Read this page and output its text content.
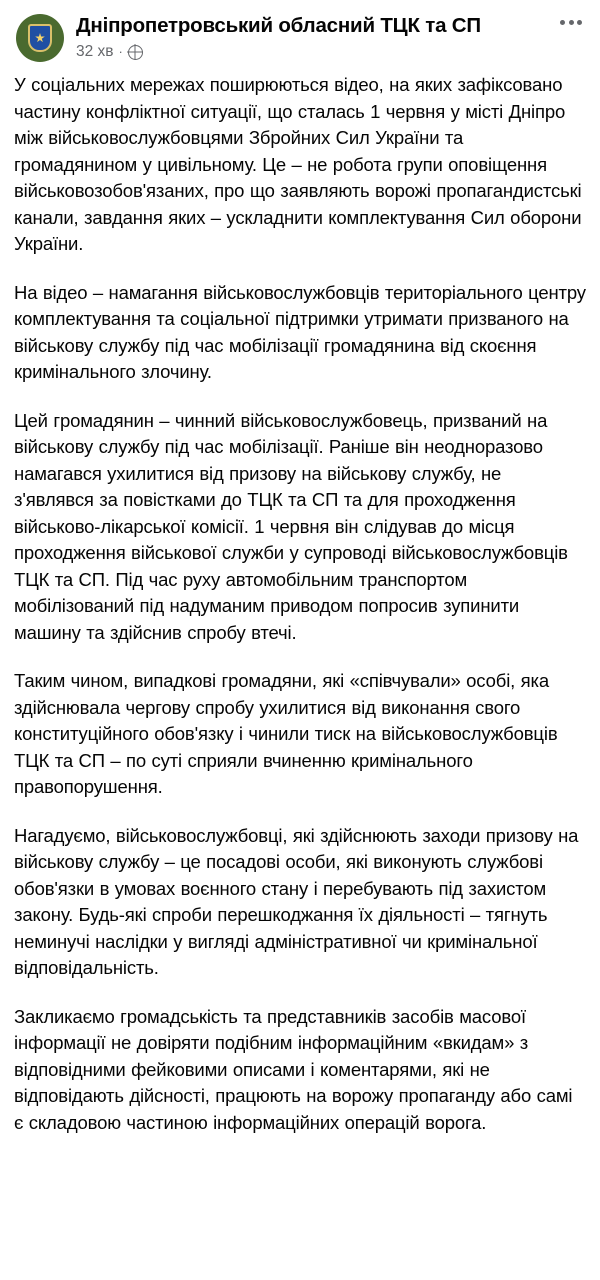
Дніпропетровський обласний ТЦК та СП
32 хв ·

У соціальних мережах поширюються відео, на яких зафіксовано частину конфліктної ситуації, що сталась 1 червня у місті Дніпро між військовослужбовцями Збройних Сил України та громадянином у цивільному. Це – не робота групи оповіщення військовозобов'язаних, про що заявляють ворожі пропагандистські канали, завдання яких – ускладнити комплектування Сил оборони України.

На відео – намагання військовослужбовців територіального центру комплектування та соціальної підтримки утримати призваного на військову службу під час мобілізації громадянина від скоєння кримінального злочину.

Цей громадянин – чинний військовослужбовець, призваний на військову службу під час мобілізації. Раніше він неодноразово намагався ухилитися від призову на військову службу, не з'являвся за повістками до ТЦК та СП та для проходження військово-лікарської комісії. 1 червня він слідував до місця проходження військової служби у супроводі військовослужбовців ТЦК та СП. Під час руху автомобільним транспортом мобілізований під надуманим приводом попросив зупинити машину та здійснив спробу втечі.

Таким чином, випадкові громадяни, які «співчували» особі, яка здійснювала чергову спробу ухилитися від виконання свого конституційного обов'язку і чинили тиск на військовослужбовців ТЦК та СП – по суті сприяли вчиненню кримінального правопорушення.

Нагадуємо, військовослужбовці, які здійснюють заходи призову на військову службу – це посадові особи, які виконують службові обов'язки в умовах воєнного стану і перебувають під захистом закону. Будь-які спроби перешкоджання їх діяльності – тягнуть неминучі наслідки у вигляді адміністративної чи кримінальної відповідальність.

Закликаємо громадськість та представників засобів масової інформації не довіряти подібним інформаційним «вкидам» з відповідними фейковими описами і коментарями, які не відповідають дійсності, працюють на ворожу пропаганду або самі є складовою частиною інформаційних операцій ворога.
